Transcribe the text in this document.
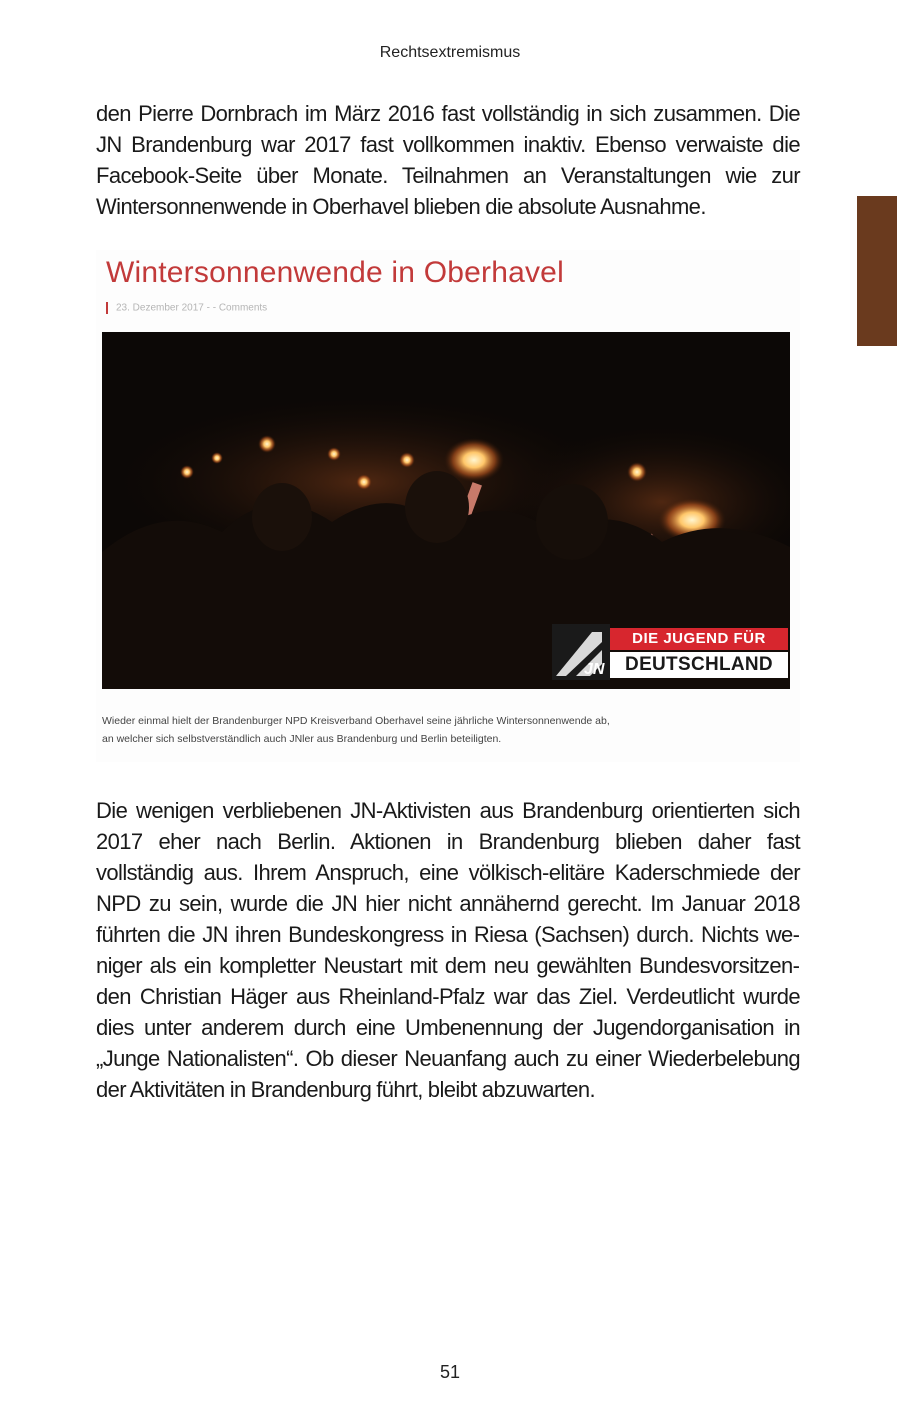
Rechtsextremismus

den Pierre Dornbrach im März 2016 fast vollständig in sich zusammen. Die JN Brandenburg war 2017 fast vollkommen inaktiv. Ebenso verwaiste die Facebook-Seite über Monate. Teilnahmen an Veranstaltungen wie zur Wintersonnenwende in Oberhavel blieben die absolute Ausnahme.

Wintersonnenwende in Oberhavel
23. Dezember 2017 - - Comments
JN
DIE JUGEND FÜR
DEUTSCHLAND
Wieder einmal hielt der Brandenburger NPD Kreisverband Oberhavel seine jährliche Wintersonnenwende ab,
an welcher sich selbstverständlich auch JNler aus Brandenburg und Berlin beteiligten.

Die wenigen verbliebenen JN-Aktivisten aus Brandenburg orientierten sich 2017 eher nach Berlin. Aktionen in Brandenburg blieben daher fast vollständig aus. Ihrem Anspruch, eine völkisch-elitäre Kaderschmiede der NPD zu sein, wurde die JN hier nicht annähernd gerecht. Im Januar 2018 führten die JN ihren Bundeskongress in Riesa (Sachsen) durch. Nichts weniger als ein kompletter Neustart mit dem neu gewählten Bundesvorsitzenden Christian Häger aus Rheinland-Pfalz war das Ziel. Verdeutlicht wurde dies unter anderem durch eine Umbenennung der Jugendorganisation in „Junge Nationalisten“. Ob dieser Neuanfang auch zu einer Wiederbelebung der Aktivitäten in Brandenburg führt, bleibt abzuwarten.

51
